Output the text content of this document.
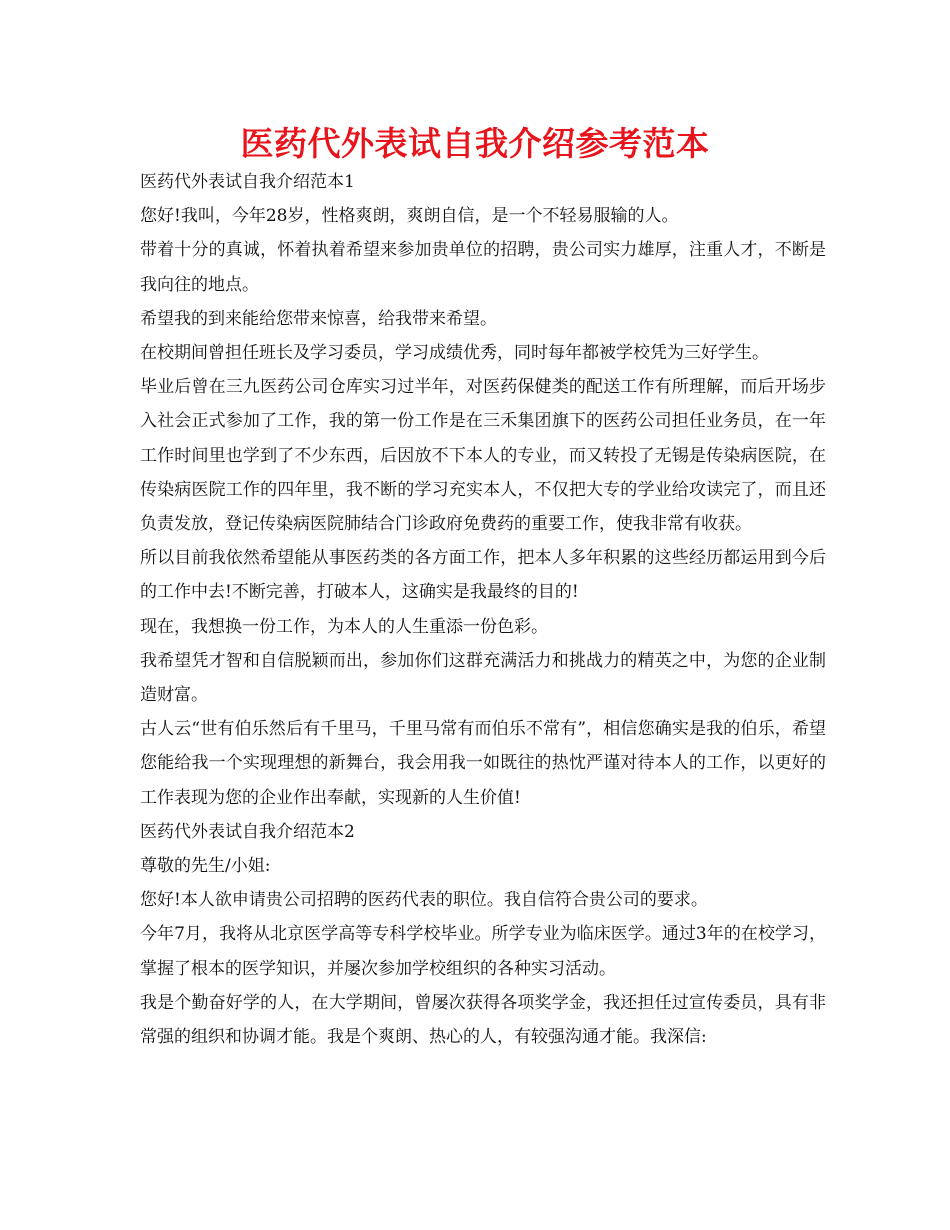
医药代外表试自我介绍参考范本

医药代外表试自我介绍范本1

您好!我叫，今年28岁，性格爽朗，爽朗自信，是一个不轻易服输的人。

带着十分的真诚，怀着执着希望来参加贵单位的招聘，贵公司实力雄厚，注重人才，不断是我向往的地点。

希望我的到来能给您带来惊喜，给我带来希望。

在校期间曾担任班长及学习委员，学习成绩优秀，同时每年都被学校凭为三好学生。

毕业后曾在三九医药公司仓库实习过半年，对医药保健类的配送工作有所理解，而后开场步入社会正式参加了工作，我的第一份工作是在三禾集团旗下的医药公司担任业务员，在一年工作时间里也学到了不少东西，后因放不下本人的专业，而又转投了无锡是传染病医院，在传染病医院工作的四年里，我不断的学习充实本人，不仅把大专的学业给攻读完了，而且还负责发放，登记传染病医院肺结合门诊政府免费药的重要工作，使我非常有收获。

所以目前我依然希望能从事医药类的各方面工作，把本人多年积累的这些经历都运用到今后的工作中去!不断完善，打破本人，这确实是我最终的目的!

现在，我想换一份工作，为本人的人生重添一份色彩。

我希望凭才智和自信脱颖而出，参加你们这群充满活力和挑战力的精英之中，为您的企业制造财富。

古人云“世有伯乐然后有千里马，千里马常有而伯乐不常有”，相信您确实是我的伯乐，希望您能给我一个实现理想的新舞台，我会用我一如既往的热忱严谨对待本人的工作，以更好的工作表现为您的企业作出奉献，实现新的人生价值!

医药代外表试自我介绍范本2

尊敬的先生/小姐:

您好!本人欲申请贵公司招聘的医药代表的职位。我自信符合贵公司的要求。

今年7月，我将从北京医学高等专科学校毕业。所学专业为临床医学。通过3年的在校学习，掌握了根本的医学知识，并屡次参加学校组织的各种实习活动。

我是个勤奋好学的人，在大学期间，曾屡次获得各项奖学金，我还担任过宣传委员，具有非常强的组织和协调才能。我是个爽朗、热心的人，有较强沟通才能。我深信:
